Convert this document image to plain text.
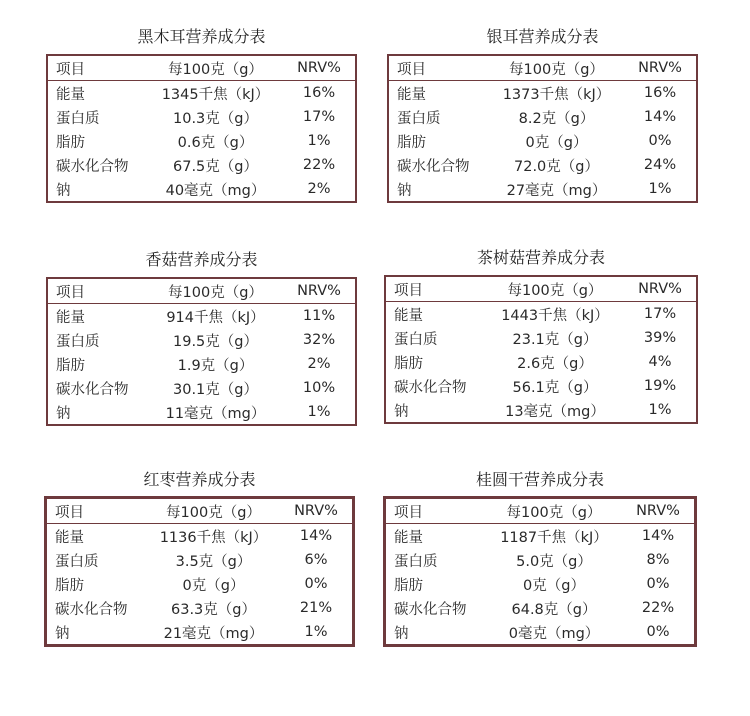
黑木耳营养成分表
项目	每100克（g）	NRV%
能量	1345千焦（kJ）	16%
蛋白质	10.3克（g）	17%
脂肪	0.6克（g）	1%
碳水化合物	67.5克（g）	22%
钠	40毫克（mg）	2%
银耳营养成分表
项目	每100克（g）	NRV%
能量	1373千焦（kJ）	16%
蛋白质	8.2克（g）	14%
脂肪	0克（g）	0%
碳水化合物	72.0克（g）	24%
钠	27毫克（mg）	1%
香菇营养成分表
项目	每100克（g）	NRV%
能量	914千焦（kJ）	11%
蛋白质	19.5克（g）	32%
脂肪	1.9克（g）	2%
碳水化合物	30.1克（g）	10%
钠	11毫克（mg）	1%
茶树菇营养成分表
项目	每100克（g）	NRV%
能量	1443千焦（kJ）	17%
蛋白质	23.1克（g）	39%
脂肪	2.6克（g）	4%
碳水化合物	56.1克（g）	19%
钠	13毫克（mg）	1%
红枣营养成分表
项目	每100克（g）	NRV%
能量	1136千焦（kJ）	14%
蛋白质	3.5克（g）	6%
脂肪	0克（g）	0%
碳水化合物	63.3克（g）	21%
钠	21毫克（mg）	1%
桂圆干营养成分表
项目	每100克（g）	NRV%
能量	1187千焦（kJ）	14%
蛋白质	5.0克（g）	8%
脂肪	0克（g）	0%
碳水化合物	64.8克（g）	22%
钠	0毫克（mg）	0%
